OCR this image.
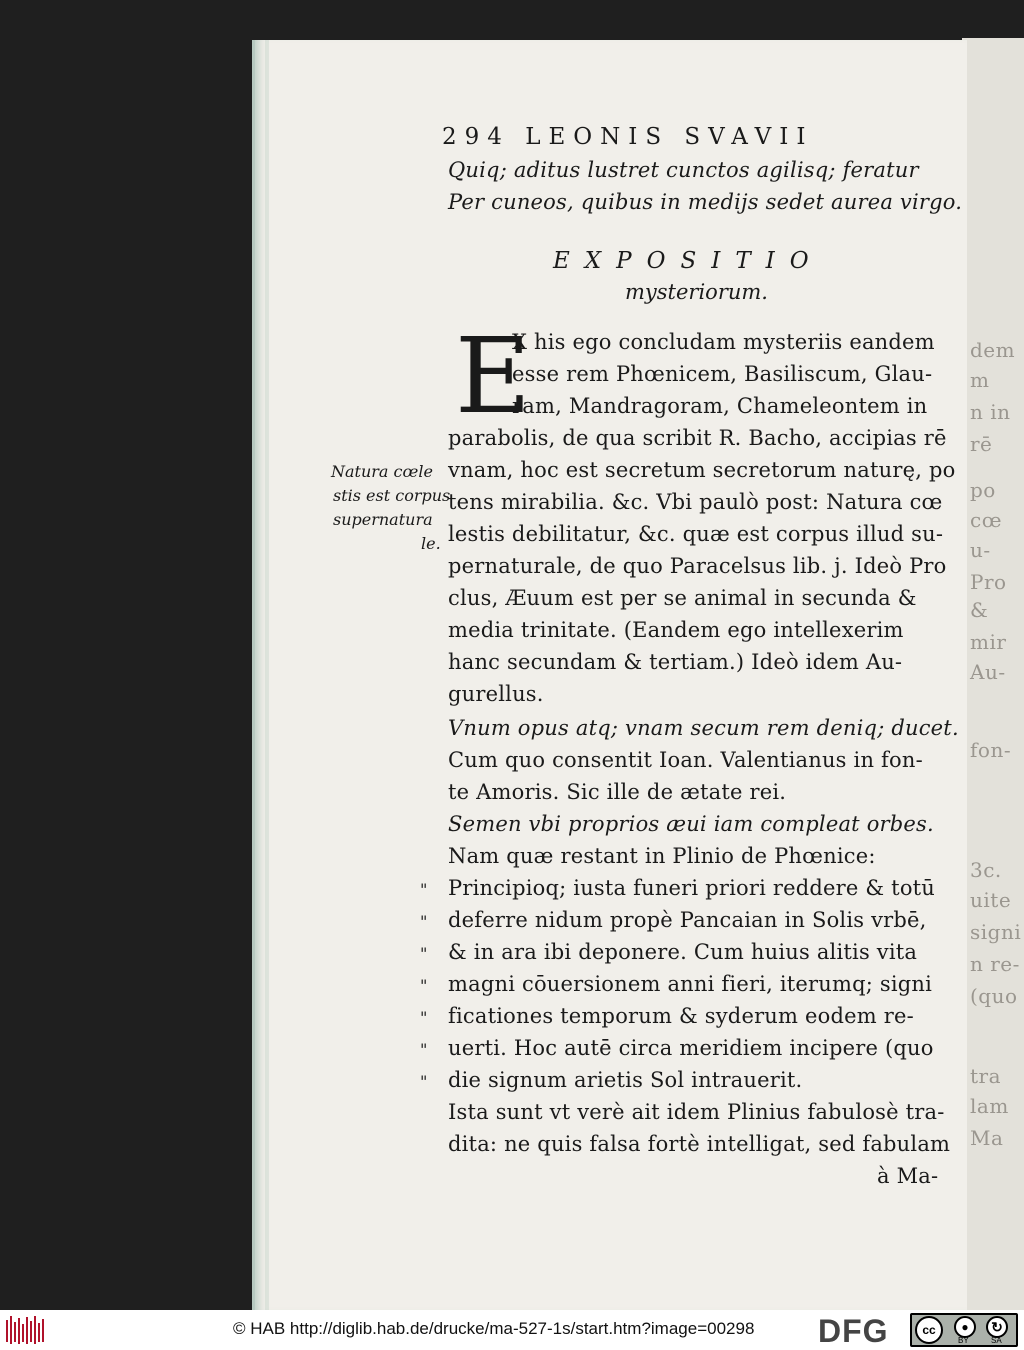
dem
m
n in
rē
po
cœ
u-
Pro
&
mir
Au-
fon-
3c.
uite
signi
n re-
(quo
tra
lam
Ma
294 LEONIS SVAVII
Quiq; aditus lustret cunctos agilisq; feratur
Per cuneos, quibus in medijs sedet aurea virgo.
EXPOSITIO
mysteriorum.
E
X his ego concludam mysteriis eandem
esse rem Phœnicem, Basiliscum, Glau-
ram, Mandragoram, Chameleontem in
parabolis, de qua scribit R. Bacho, accipias rē
vnam, hoc est secretum secretorum naturę, po
tens mirabilia. &c. Vbi paulò post: Natura cœ
lestis debilitatur, &c. quæ est corpus illud su-
pernaturale, de quo Paracelsus lib. j. Ideò Pro
clus, Æuum est per se animal in secunda &
media trinitate. (Eandem ego intellexerim
hanc secundam & tertiam.) Ideò idem Au-
gurellus.
Natura cœle
stis est corpus
supernatura
le.
Vnum opus atq; vnam secum rem deniq; ducet.
Cum quo consentit Ioan. Valentianus in fon-
te Amoris. Sic ille de ætate rei.
Semen vbi proprios æui iam compleat orbes.
Nam quæ restant in Plinio de Phœnice:
" Principioq; iusta funeri priori reddere & totū
" deferre nidum propè Pancaian in Solis vrbē,
" & in ara ibi deponere. Cum huius alitis vita
" magni cōuersionem anni fieri, iterumq; signi
" ficationes temporum & syderum eodem re-
" uerti. Hoc autē circa meridiem incipere (quo
" die signum arietis Sol intrauerit.
Ista sunt vt verè ait idem Plinius fabulosè tra-
dita: ne quis falsa fortè intelligat, sed fabulam
à Ma-
© HAB http://diglib.hab.de/drucke/ma-527-1s/start.htm?image=00298 DFG	cc	●	↻
BY	SA
